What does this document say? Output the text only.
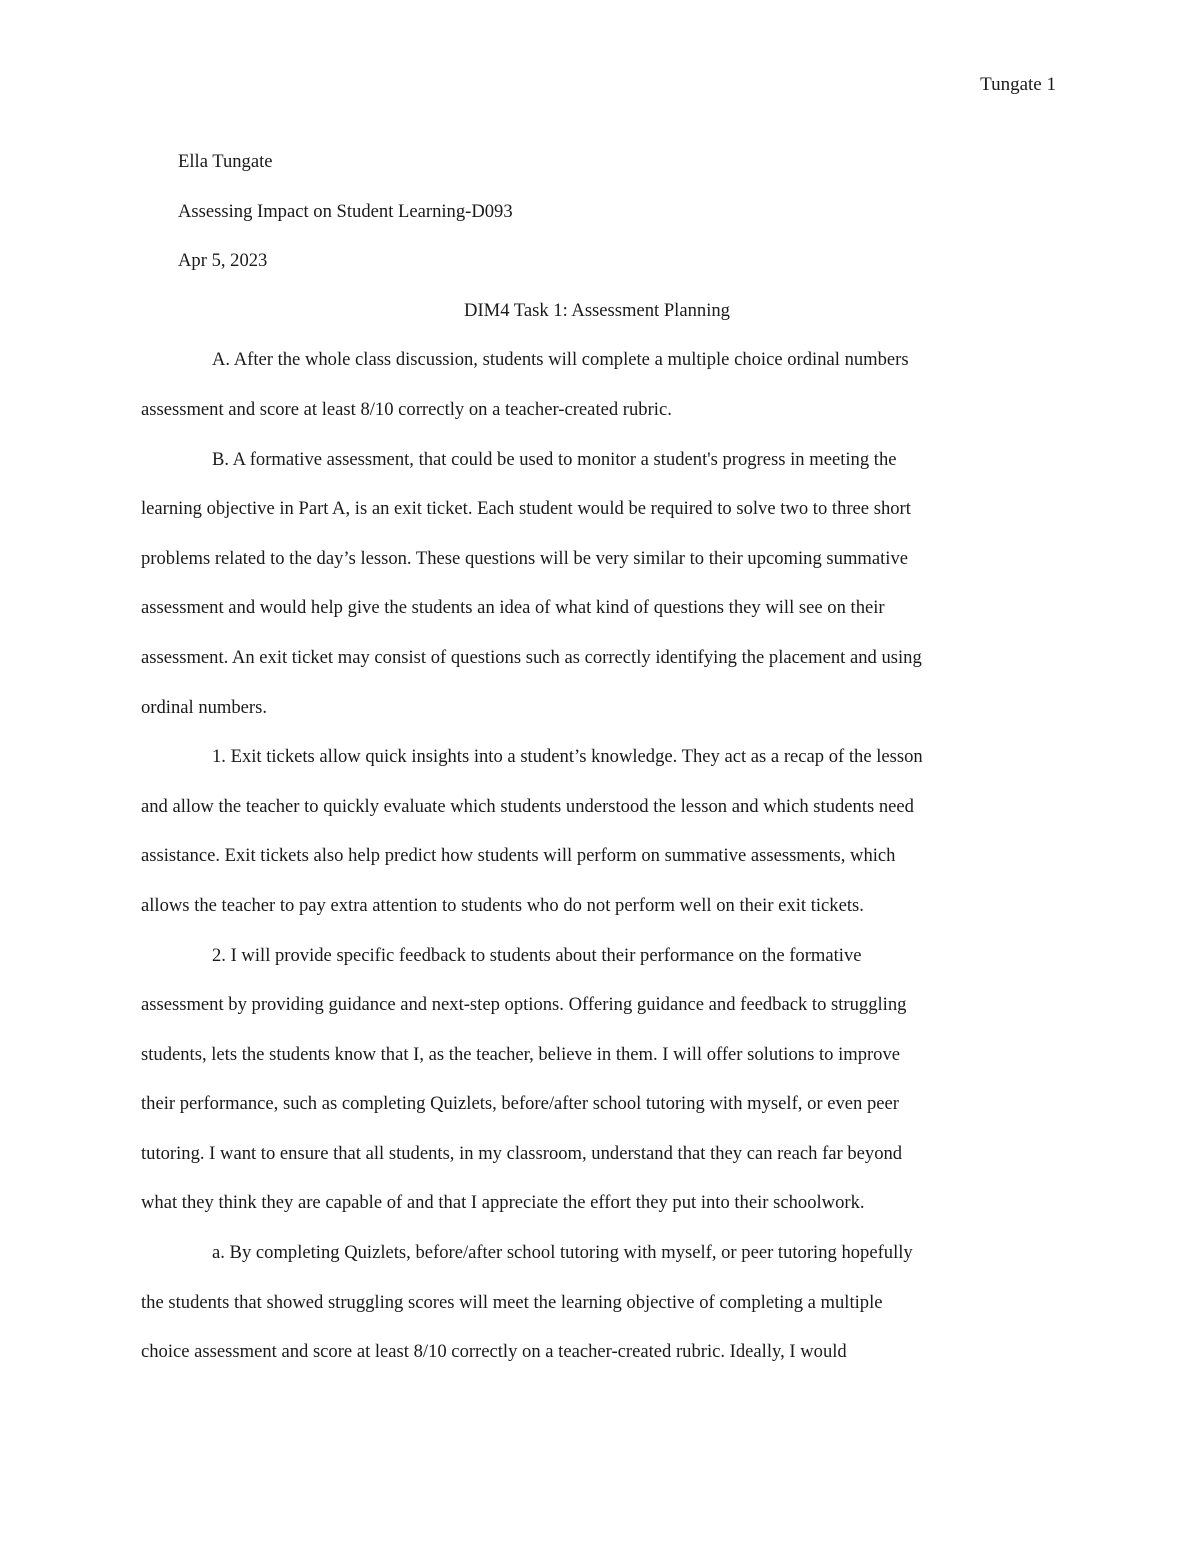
Tungate 1
Ella Tungate
Assessing Impact on Student Learning-D093
Apr 5, 2023
DIM4 Task 1: Assessment Planning
A. After the whole class discussion, students will complete a multiple choice ordinal numbers
assessment and score at least 8/10 correctly on a teacher-created rubric.
B. A formative assessment, that could be used to monitor a student's progress in meeting the
learning objective in Part A, is an exit ticket. Each student would be required to solve two to three short
problems related to the day’s lesson. These questions will be very similar to their upcoming summative
assessment and would help give the students an idea of what kind of questions they will see on their
assessment. An exit ticket may consist of questions such as correctly identifying the placement and using
ordinal numbers.
1. Exit tickets allow quick insights into a student’s knowledge. They act as a recap of the lesson
and allow the teacher to quickly evaluate which students understood the lesson and which students need
assistance. Exit tickets also help predict how students will perform on summative assessments, which
allows the teacher to pay extra attention to students who do not perform well on their exit tickets.
2. I will provide specific feedback to students about their performance on the formative
assessment by providing guidance and next-step options. Offering guidance and feedback to struggling
students, lets the students know that I, as the teacher, believe in them. I will offer solutions to improve
their performance, such as completing Quizlets, before/after school tutoring with myself, or even peer
tutoring. I want to ensure that all students, in my classroom, understand that they can reach far beyond
what they think they are capable of and that I appreciate the effort they put into their schoolwork.
a. By completing Quizlets, before/after school tutoring with myself, or peer tutoring hopefully
the students that showed struggling scores will meet the learning objective of completing a multiple
choice assessment and score at least 8/10 correctly on a teacher-created rubric. Ideally, I would
